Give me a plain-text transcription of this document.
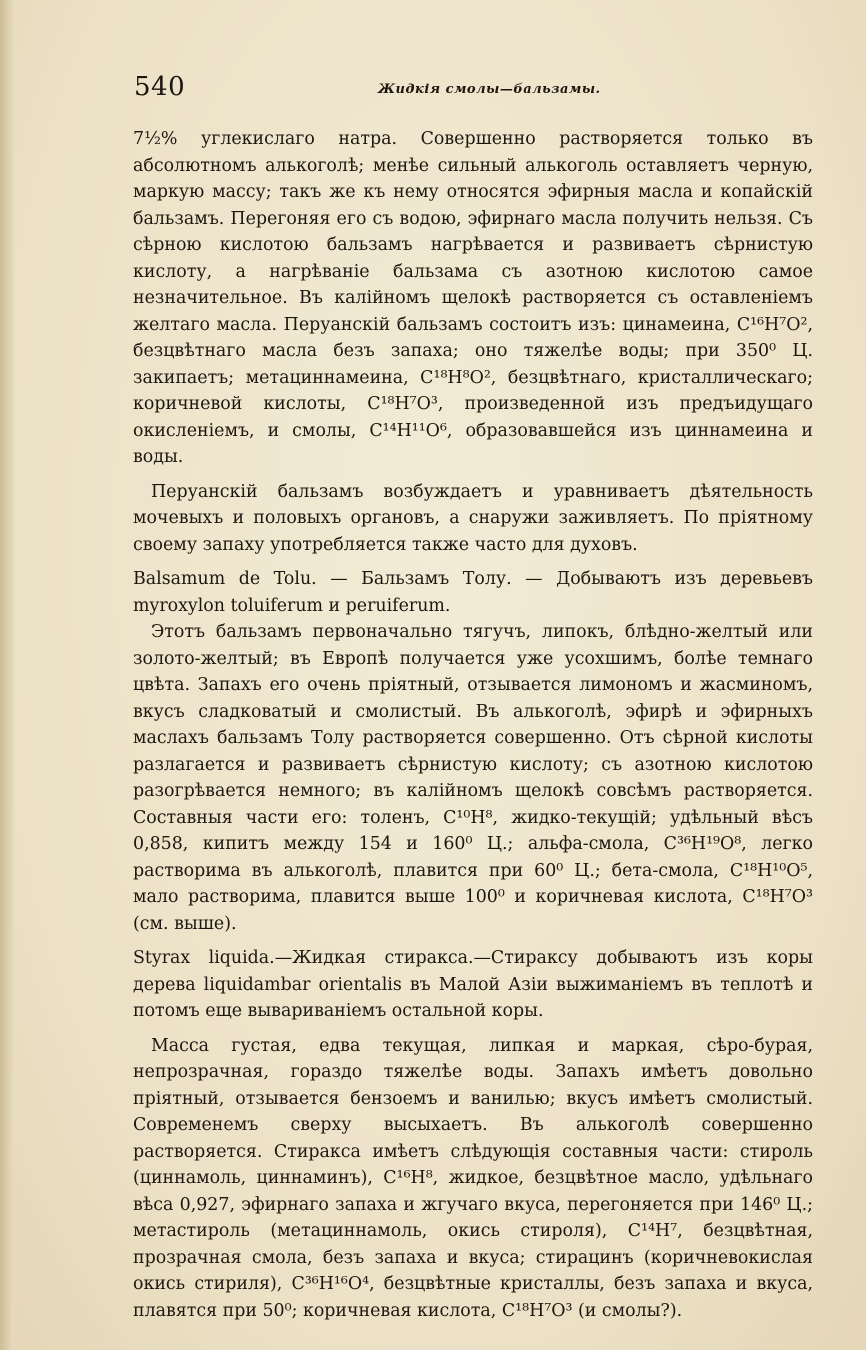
540	Жидкія смолы—бальзамы.

7½% углекислаго натра. Совершенно растворяется только въ абсолютномъ алькоголѣ; менѣе сильный алькоголь оставляетъ черную, маркую массу; такъ же къ нему относятся эфирныя масла и копайскій бальзамъ. Перегоняя его съ водою, эфирнаго масла получить нельзя. Съ сѣрною кислотою бальзамъ нагрѣвается и развиваетъ сѣрнистую кислоту, а нагрѣваніе бальзама съ азотною кислотою самое незначительное. Въ калійномъ щелокѣ растворяется съ оставленіемъ желтаго масла. Перуанскій бальзамъ состоитъ изъ: цинамеина, C¹⁶H⁷O², безцвѣтнаго масла безъ запаха; оно тяжелѣе воды; при 350⁰ Ц. закипаетъ; метациннамеина, C¹⁸H⁸O², безцвѣтнаго, кристаллическаго; коричневой кислоты, C¹⁸H⁷O³, произведенной изъ предъидущаго окисленіемъ, и смолы, C¹⁴H¹¹O⁶, образовавшейся изъ циннамеина и воды.

Перуанскій бальзамъ возбуждаетъ и уравниваетъ дѣятельность мочевыхъ и половыхъ органовъ, а снаружи заживляетъ. По пріятному своему запаху употребляется также часто для духовъ.

Balsamum de Tolu. — Бальзамъ Толу. — Добываютъ изъ деревьевъ myroxylon toluiferum и peruiferum.

Этотъ бальзамъ первоначально тягучъ, липокъ, блѣдно-желтый или золото-желтый; въ Европѣ получается уже усохшимъ, болѣе темнаго цвѣта. Запахъ его очень пріятный, отзывается лимономъ и жасминомъ, вкусъ сладковатый и смолистый. Въ алькоголѣ, эфирѣ и эфирныхъ маслахъ бальзамъ Толу растворяется совершенно. Отъ сѣрной кислоты разлагается и развиваетъ сѣрнистую кислоту; съ азотною кислотою разогрѣвается немного; въ калійномъ щелокѣ совсѣмъ растворяется. Составныя части его: толенъ, C¹⁰H⁸, жидко-текущій; удѣльный вѣсъ 0,858, кипитъ между 154 и 160⁰ Ц.; альфа-смола, C³⁶H¹⁹O⁸, легко растворима въ алькоголѣ, плавится при 60⁰ Ц.; бета-смола, C¹⁸H¹⁰O⁵, мало растворима, плавится выше 100⁰ и коричневая кислота, C¹⁸H⁷O³ (см. выше).

Styrax liquida.—Жидкая стиракса.—Стираксу добываютъ изъ коры дерева liquidambar orientalis въ Малой Азіи выжиманіемъ въ теплотѣ и потомъ еще вывариваніемъ остальной коры.

Масса густая, едва текущая, липкая и маркая, сѣро-бурая, непрозрачная, гораздо тяжелѣе воды. Запахъ имѣетъ довольно пріятный, отзывается бензоемъ и ванилью; вкусъ имѣетъ смолистый. Современемъ сверху высыхаетъ. Въ алькоголѣ совершенно растворяется. Стиракса имѣетъ слѣдующія составныя части: стироль (циннамоль, циннаминъ), C¹⁶H⁸, жидкое, безцвѣтное масло, удѣльнаго вѣса 0,927, эфирнаго запаха и жгучаго вкуса, перегоняется при 146⁰ Ц.; метастироль (метациннамоль, окись стироля), C¹⁴H⁷, безцвѣтная, прозрачная смола, безъ запаха и вкуса; стирацинъ (коричневокислая окись стириля), C³⁶H¹⁶O⁴, безцвѣтные кристаллы, безъ запаха и вкуса, плавятся при 50⁰; коричневая кислота, C¹⁸H⁷O³ (и смолы?).
